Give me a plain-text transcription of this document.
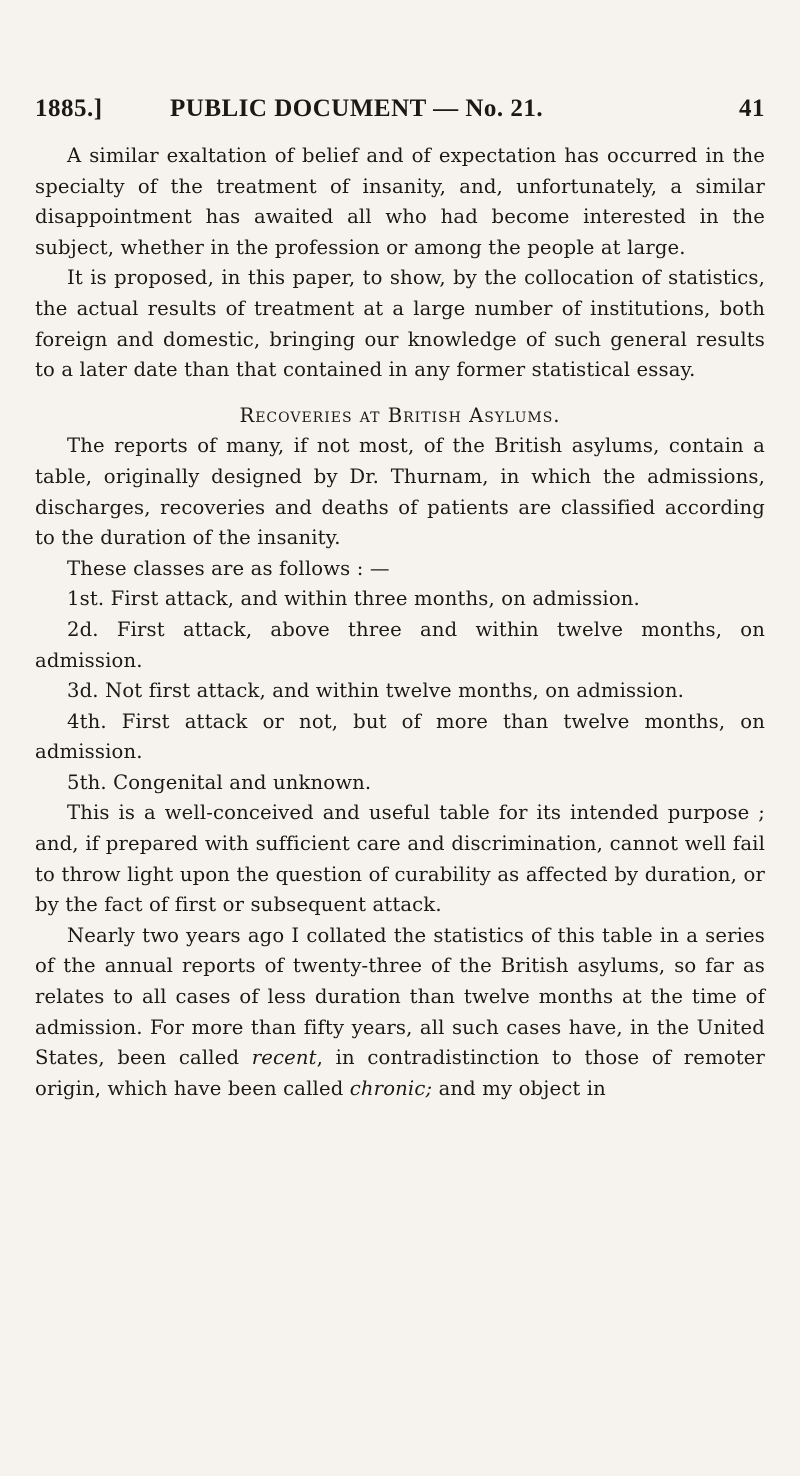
1885.]	PUBLIC DOCUMENT — No. 21.	41

A similar exaltation of belief and of expectation has occurred in the specialty of the treatment of insanity, and, unfortunately, a similar disappointment has awaited all who had become interested in the subject, whether in the profession or among the people at large.

It is proposed, in this paper, to show, by the collocation of statistics, the actual results of treatment at a large number of institutions, both foreign and domestic, bringing our knowledge of such general results to a later date than that contained in any former statistical essay.

Recoveries at British Asylums.

The reports of many, if not most, of the British asylums, contain a table, originally designed by Dr. Thurnam, in which the admissions, discharges, recoveries and deaths of patients are classified according to the duration of the insanity.

These classes are as follows : —

1st. First attack, and within three months, on admission.

2d. First attack, above three and within twelve months, on admission.

3d. Not first attack, and within twelve months, on admission.

4th. First attack or not, but of more than twelve months, on admission.

5th. Congenital and unknown.

This is a well-conceived and useful table for its intended purpose ; and, if prepared with sufficient care and discrimination, cannot well fail to throw light upon the question of curability as affected by duration, or by the fact of first or subsequent attack.

Nearly two years ago I collated the statistics of this table in a series of the annual reports of twenty-three of the British asylums, so far as relates to all cases of less duration than twelve months at the time of admission. For more than fifty years, all such cases have, in the United States, been called recent, in contradistinction to those of remoter origin, which have been called chronic; and my object in
